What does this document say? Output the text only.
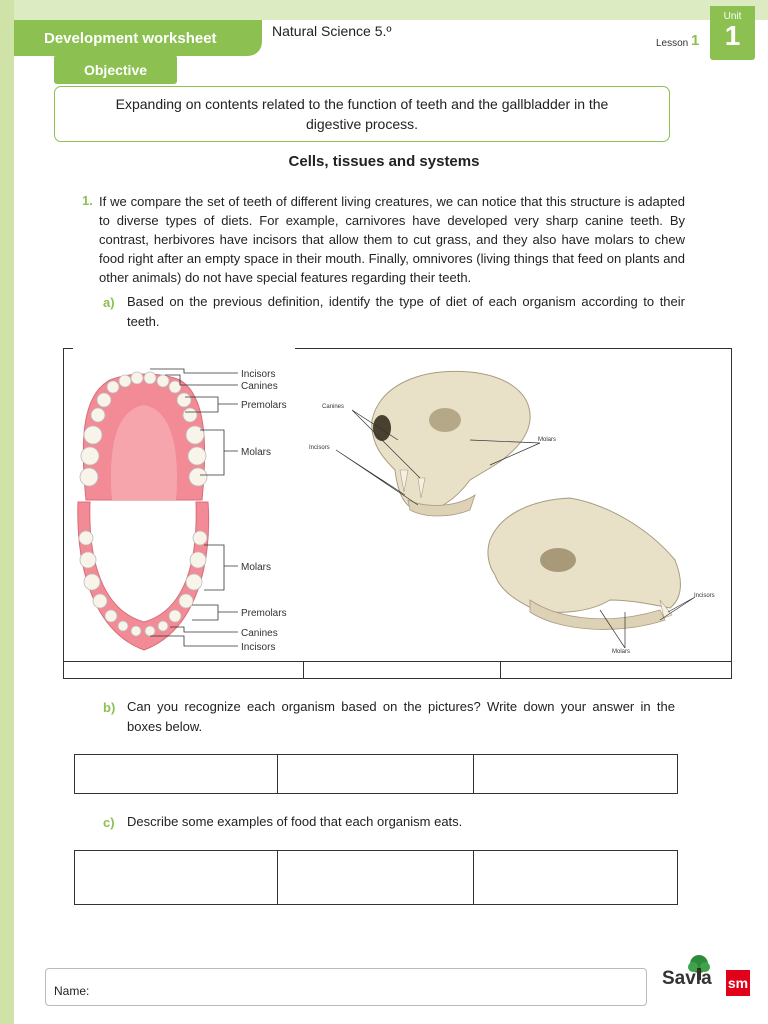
Development worksheet	Natural Science 5.º
Lesson 1
Unit
1
Objective
Expanding on contents related to the function of teeth and the gallbladder in the digestive process.
Cells, tissues and systems
1. If we compare the set of teeth of different living creatures, we can notice that this structure is adapted to diverse types of diets. For example, carnivores have developed very sharp canine teeth. By contrast, herbivores have incisors that allow them to cut grass, and they also have molars to chew food right after an empty space in their mouth. Finally, omnivores (living things that feed on plants and other animals) do not have special features regarding their teeth.
a) Based on the previous definition, identify the type of diet of each organism according to their teeth.
Incisors
Canines
Premolars
Molars
Molars
Premolars
Canines
Incisors
Canines
Incisors
Molars
Incisors
Molars
b) Can you recognize each organism based on the pictures? Write down your answer in the boxes below.
c) Describe some examples of food that each organism eats.
Name:
Savia sm
